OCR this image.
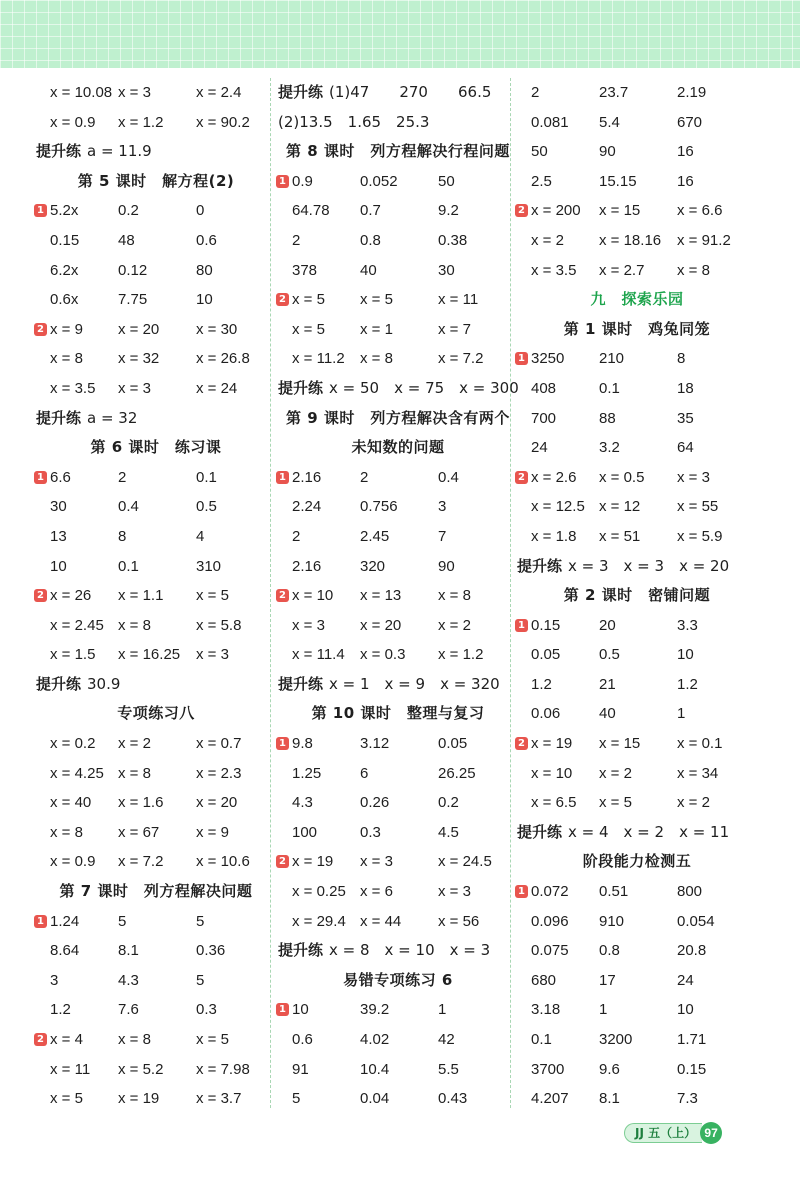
x = 10.08 x = 3	x = 2.4
x = 0.9 x = 1.2 x = 90.2
提升练 a = 11.9
第 5 课时　解方程(2)
1 5.2x	0.2	0
0.15	48	0.6
6.2x	0.12	80
0.6x	7.75	10
2 x = 9 x = 20 x = 30
x = 8 x = 32 x = 26.8
x = 3.5 x = 3	x = 24
提升练 a = 32
第 6 课时　练习课
1 6.6	2	0.1
30	0.4	0.5
13	8	4
10	0.1	310
2 x = 26 x = 1.1 x = 5
x = 2.45 x = 8	x = 5.8
x = 1.5 x = 16.25 x = 3
提升练 30.9
专项练习八
x = 0.2 x = 2	x = 0.7
x = 4.25 x = 8	x = 2.3
x = 40 x = 1.6 x = 20
x = 8 x = 67 x = 9
x = 0.9 x = 7.2 x = 10.6
第 7 课时　列方程解决问题
1 1.24	5	5
8.64	8.1	0.36
3	4.3	5
1.2	7.6	0.3
2 x = 4 x = 8	x = 5
x = 11 x = 5.2 x = 7.98
x = 5 x = 19 x = 3.7
提升练 (1)47　　270　　66.5
(2)13.5　1.65　25.3
第 8 课时　列方程解决行程问题
1 0.9	0.052	50
64.78 0.7	9.2
2	0.8	0.38
378	40	30
2 x = 5 x = 5	x = 11
x = 5 x = 1	x = 7
x = 11.2 x = 8	x = 7.2
提升练 x = 50　x = 75　x = 300
第 9 课时　列方程解决含有两个
未知数的问题
1 2.16	2	0.4
2.24	0.756	3
2	2.45	7
2.16	320	90
2 x = 10 x = 13 x = 8
x = 3 x = 20 x = 2
x = 11.4 x = 0.3 x = 1.2
提升练 x = 1　x = 9　x = 320
第 10 课时　整理与复习
1 9.8	3.12	0.05
1.25	6	26.25
4.3	0.26	0.2
100	0.3	4.5
2 x = 19 x = 3	x = 24.5
x = 0.25 x = 6	x = 3
x = 29.4 x = 44 x = 56
提升练 x = 8　x = 10　x = 3
易错专项练习 6
1 10	39.2	1
0.6	4.02	42
91	10.4	5.5
5	0.04	0.43
2	23.7	2.19
0.081 5.4	670
50	90	16
2.5	15.15	16
2 x = 200 x = 15 x = 6.6
x = 2 x = 18.16 x = 91.2
x = 3.5 x = 2.7 x = 8
九　探索乐园
第 1 课时　鸡兔同笼
1 3250 210	8
408	0.1	18
700	88	35
24	3.2	64
2 x = 2.6 x = 0.5 x = 3
x = 12.5 x = 12 x = 55
x = 1.8 x = 51 x = 5.9
提升练 x = 3　x = 3　x = 20
第 2 课时　密铺问题
1 0.15	20	3.3
0.05	0.5	10
1.2	21	1.2
0.06	40	1
2 x = 19 x = 15 x = 0.1
x = 10 x = 2	x = 34
x = 6.5 x = 5	x = 2
提升练 x = 4　x = 2　x = 11
阶段能力检测五
1 0.072 0.51	800
0.096 910	0.054
0.075 0.8	20.8
680	17	24
3.18	1	10
0.1	3200	1.71
3700 9.6	0.15
4.207 8.1	7.3
JJ 五（上） 97
